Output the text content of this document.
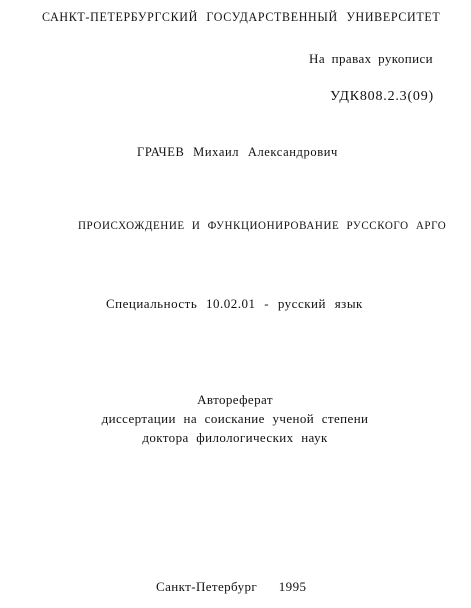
САНКТ-ПЕТЕРБУРГСКИЙ ГОСУДАРСТВЕННЫЙ УНИВЕРСИТЕТ
На правах рукописи
УДК808.2.3(09)
ГРАЧЕВ Михаил Александрович
ПРОИСХОЖДЕНИЕ И ФУНКЦИОНИРОВАНИЕ РУССКОГО АРГО
Специальность 10.02.01 - русский язык
Автореферат
диссертации на соискание ученой степени
доктора филологических наук
Санкт-Петербург 1995
